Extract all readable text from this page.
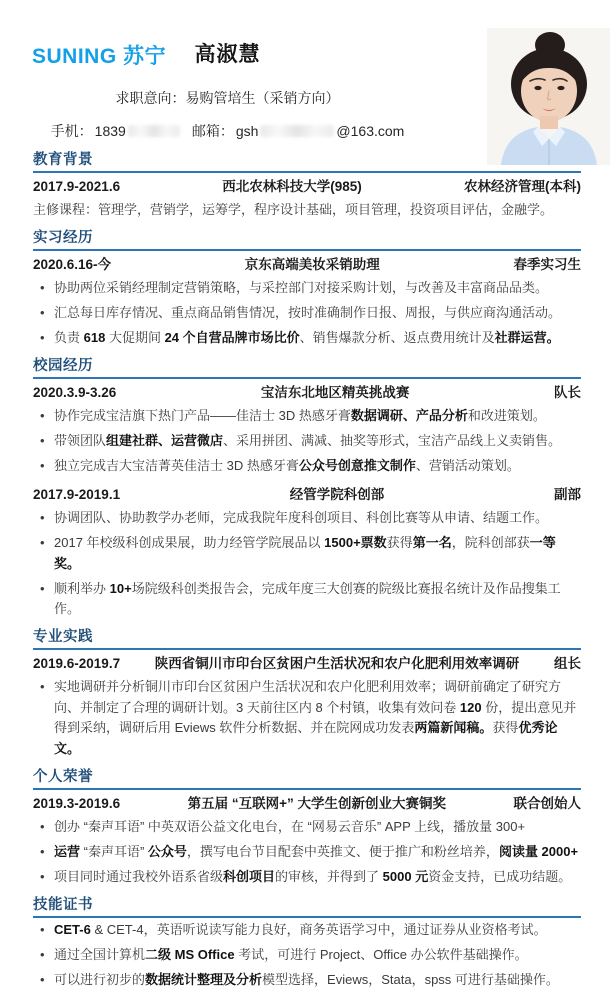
SUNING 苏宁	高淑慧
求职意向：易购管培生（采销方向）
手机： 1839	邮箱： gsh	@163.com
教育背景
2017.9-2021.6	西北农林科技大学(985)	农林经济管理(本科)
主修课程：管理学，营销学，运筹学，程序设计基础，项目管理，投资项目评估，金融学。
实习经历
2020.6.16-今	京东高端美妆采销助理	春季实习生
• 协助两位采销经理制定营销策略，与采控部门对接采购计划，与改善及丰富商品品类。
• 汇总每日库存情况、重点商品销售情况，按时准确制作日报、周报，与供应商沟通活动。
• 负责 618 大促期间 24 个自营品牌市场比价、销售爆款分析、返点费用统计及社群运营。
校园经历
2020.3.9-3.26	宝洁东北地区精英挑战赛	队长
• 协作完成宝洁旗下热门产品——佳洁士 3D 热感牙膏数据调研、产品分析和改进策划。
• 带领团队组建社群、运营微店、采用拼团、满减、抽奖等形式，宝洁产品线上义卖销售。
• 独立完成吉大宝洁菁英佳洁士 3D 热感牙膏公众号创意推文制作、营销活动策划。
2017.9-2019.1	经管学院科创部	副部
• 协调团队、协助教学办老师，完成我院年度科创项目、科创比赛等从申请、结题工作。
• 2017 年校级科创成果展，助力经管学院展品以 1500+票数获得第一名，院科创部获一等奖。
• 顺利举办 10+场院级科创类报告会，完成年度三大创赛的院级比赛报名统计及作品搜集工作。
专业实践
2019.6-2019.7	陕西省铜川市印台区贫困户生活状况和农户化肥利用效率调研	组长
• 实地调研并分析铜川市印台区贫困户生活状况和农户化肥利用效率；调研前确定了研究方向、并制定了合理的调研计划。3 天前往区内 8 个村镇，收集有效问卷 120 份，提出意见并得到采纳，调研后用 Eviews 软件分析数据、并在院网成功发表两篇新闻稿。获得优秀论文。
个人荣誉
2019.3-2019.6	第五届 “互联网+” 大学生创新创业大赛铜奖	联合创始人
• 创办 “秦声耳语” 中英双语公益文化电台，在 “网易云音乐” APP 上线，播放量 300+
• 运营 “秦声耳语” 公众号，撰写电台节目配套中英推文、便于推广和粉丝培养，阅读量 2000+
• 项目同时通过我校外语系省级科创项目的审核，并得到了 5000 元资金支持，已成功结题。
技能证书
• CET-6 & CET-4，英语听说读写能力良好，商务英语学习中，通过证券从业资格考试。
• 通过全国计算机二级 MS Office 考试，可进行 Project、Office 办公软件基础操作。
• 可以进行初步的数据统计整理及分析模型选择，Eviews，Stata，spss 可进行基础操作。
